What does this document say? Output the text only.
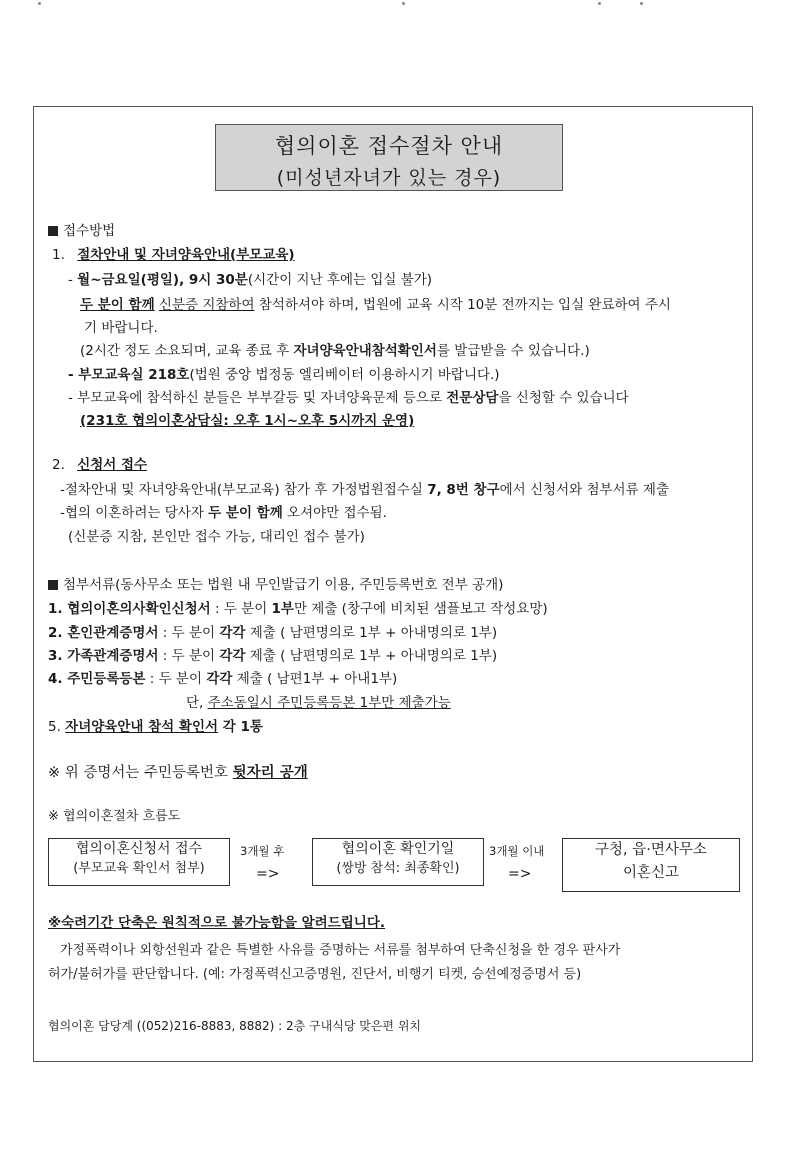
협의이혼 접수절차 안내
(미성년자녀가 있는 경우)
접수방법
1. 절차안내 및 자녀양육안내(부모교육)
- 월~금요일(평일), 9시 30분(시간이 지난 후에는 입실 불가)
두 분이 함께 신분증 지참하여 참석하셔야 하며, 법원에 교육 시작 10분 전까지는 입실 완료하여 주시
기 바랍니다.
(2시간 정도 소요되며, 교육 종료 후 자녀양육안내참석확인서를 발급받을 수 있습니다.)
- 부모교육실 218호(법원 중앙 법정동 엘리베이터 이용하시기 바랍니다.)
- 부모교육에 참석하신 분들은 부부갈등 및 자녀양육문제 등으로 전문상담을 신청할 수 있습니다
(231호 협의이혼상담실: 오후 1시~오후 5시까지 운영)
2. 신청서 접수
-절차안내 및 자녀양육안내(부모교육) 참가 후 가정법원접수실 7, 8번 창구에서 신청서와 첨부서류 제출
-협의 이혼하려는 당사자 두 분이 함께 오셔야만 접수됨.
(신분증 지참, 본인만 접수 가능, 대리인 접수 불가)
첨부서류(동사무소 또는 법원 내 무인발급기 이용, 주민등록번호 전부 공개)
1. 협의이혼의사확인신청서 : 두 분이 1부만 제출 (창구에 비치된 샘플보고 작성요망)
2. 혼인관계증명서 : 두 분이 각각 제출 ( 남편명의로 1부 + 아내명의로 1부)
3. 가족관계증명서 : 두 분이 각각 제출 ( 남편명의로 1부 + 아내명의로 1부)
4. 주민등록등본 : 두 분이 각각 제출 ( 남편1부 + 아내1부)
단, 주소동일시 주민등록등본 1부만 제출가능
5. 자녀양육안내 참석 확인서 각 1통
※ 위 증명서는 주민등록번호 뒷자리 공개
※ 협의이혼절차 흐름도
협의이혼신청서 접수
(부모교육 확인서 첨부)
3개월 후
=>
협의이혼 확인기일
(쌍방 참석: 최종확인)
3개월 이내
=>
구청, 읍·면사무소
이혼신고
※숙려기간 단축은 원칙적으로 불가능함을 알려드립니다.
가정폭력이나 외항선원과 같은 특별한 사유를 증명하는 서류를 첨부하여 단축신청을 한 경우 판사가
허가/불허가를 판단합니다. (예: 가정폭력신고증명원, 진단서, 비행기 티켓, 승선예정증명서 등)
협의이혼 담당계 ((052)216-8883, 8882) : 2층 구내식당 맞은편 위치
